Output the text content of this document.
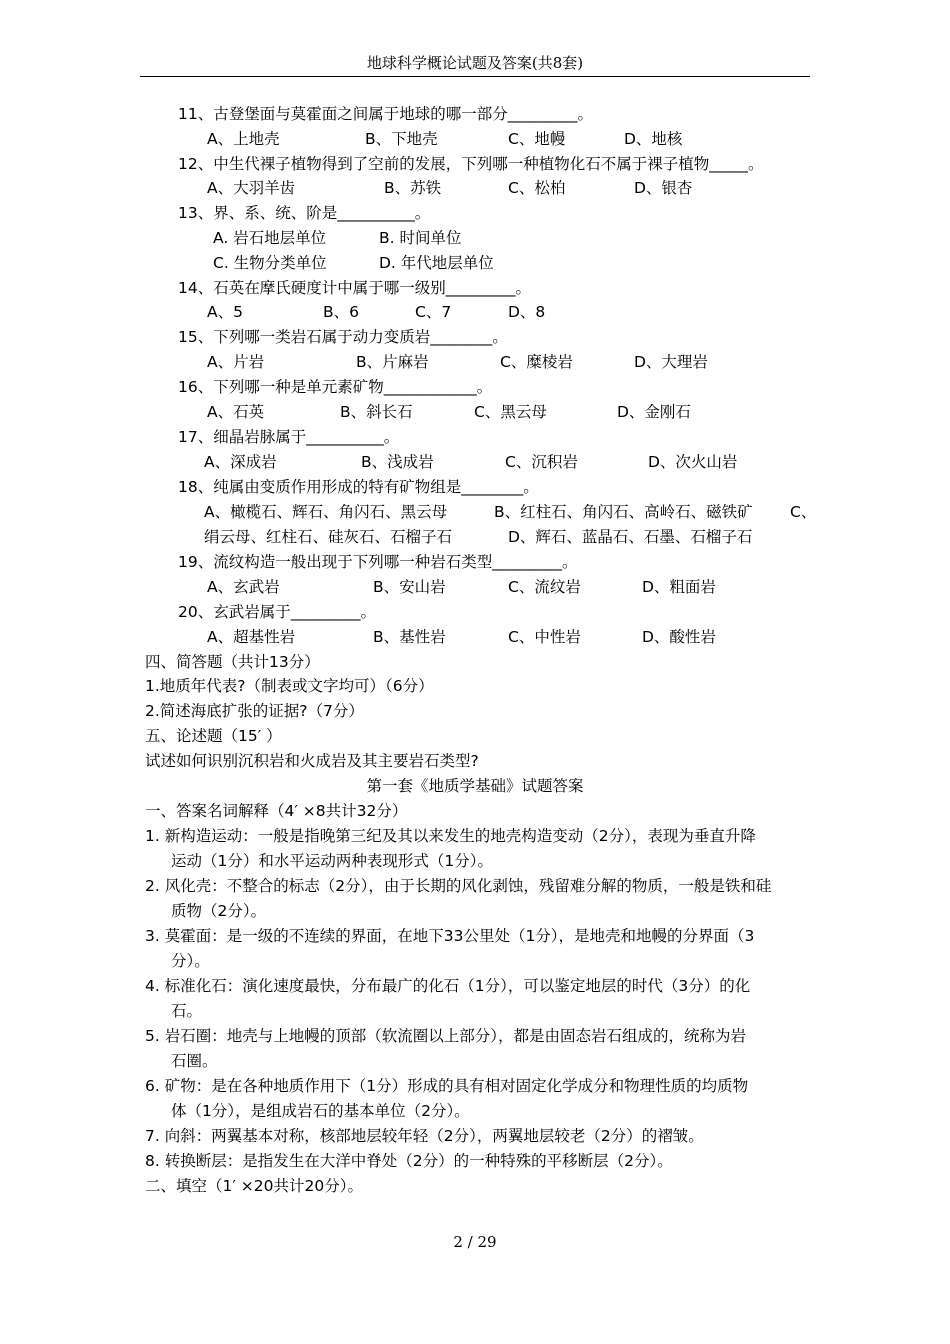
地球科学概论试题及答案(共8套)
11、古登堡面与莫霍面之间属于地球的哪一部分_________。
A、上地壳	B、下地壳	C、地幔	D、地核
12、中生代裸子植物得到了空前的发展，下列哪一种植物化石不属于裸子植物_____。
A、大羽羊齿	B、苏铁	C、松柏	D、银杏
13、界、系、统、阶是__________。
A. 岩石地层单位	B. 时间单位
C. 生物分类单位	D. 年代地层单位
14、石英在摩氏硬度计中属于哪一级别_________。
A、5	B、6	C、7	D、8
15、下列哪一类岩石属于动力变质岩________。
A、片岩	B、片麻岩	C、糜棱岩	D、大理岩
16、下列哪一种是单元素矿物____________。
A、石英	B、斜长石	C、黑云母	D、金刚石
17、细晶岩脉属于__________。
A、深成岩	B、浅成岩	C、沉积岩	D、次火山岩
18、纯属由变质作用形成的特有矿物组是________。
A、橄榄石、辉石、角闪石、黑云母	B、红柱石、角闪石、高岭石、磁铁矿 C、
绢云母、红柱石、硅灰石、石榴子石	D、辉石、蓝晶石、石墨、石榴子石
19、流纹构造一般出现于下列哪一种岩石类型_________。
A、玄武岩	B、安山岩	C、流纹岩	D、粗面岩
20、玄武岩属于_________。
A、超基性岩	B、基性岩	C、中性岩	D、酸性岩
四、简答题（共计13分）
1.地质年代表?（制表或文字均可）（6分）
2.简述海底扩张的证据?（7分）
五、论述题（15′ ）
试述如何识别沉积岩和火成岩及其主要岩石类型?
第一套《地质学基础》试题答案
一、答案名词解释（4′ ×8共计32分）
1. 新构造运动：一般是指晚第三纪及其以来发生的地壳构造变动（2分），表现为垂直升降
运动（1分）和水平运动两种表现形式（1分）。
2. 风化壳：不整合的标志（2分），由于长期的风化剥蚀，残留难分解的物质，一般是铁和硅
质物（2分）。
3. 莫霍面：是一级的不连续的界面，在地下33公里处（1分），是地壳和地幔的分界面（3
分）。
4. 标准化石：演化速度最快，分布最广的化石（1分），可以鉴定地层的时代（3分）的化
石。
5. 岩石圈：地壳与上地幔的顶部（软流圈以上部分），都是由固态岩石组成的，统称为岩
石圈。
6. 矿物：是在各种地质作用下（1分）形成的具有相对固定化学成分和物理性质的均质物
体（1分），是组成岩石的基本单位（2分）。
7. 向斜：两翼基本对称，核部地层较年轻（2分），两翼地层较老（2分）的褶皱。
8. 转换断层：是指发生在大洋中脊处（2分）的一种特殊的平移断层（2分）。
二、填空（1′ ×20共计20分）。
2 / 29
